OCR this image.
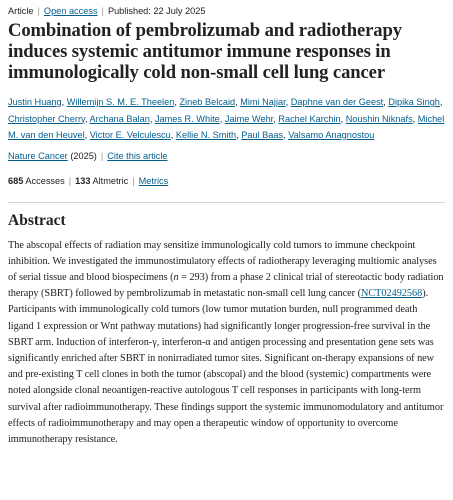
Article | Open access | Published: 22 July 2025
Combination of pembrolizumab and radiotherapy induces systemic antitumor immune responses in immunologically cold non-small cell lung cancer
Justin Huang, Willemijn S. M. E. Theelen, Zineb Belcaid, Mimi Najjar, Daphne van der Geest, Dipika Singh, Christopher Cherry, Archana Balan, James R. White, Jaime Wehr, Rachel Karchin, Noushin Niknafs, Michel M. van den Heuvel, Victor E. Velculescu, Kellie N. Smith, Paul Baas, Valsamo Anagnostou
Nature Cancer (2025) | Cite this article
685 Accesses | 133 Altmetric | Metrics
Abstract

The abscopal effects of radiation may sensitize immunologically cold tumors to immune checkpoint inhibition. We investigated the immunostimulatory effects of radiotherapy leveraging multiomic analyses of serial tissue and blood biospecimens (n = 293) from a phase 2 clinical trial of stereotactic body radiation therapy (SBRT) followed by pembrolizumab in metastatic non-small cell lung cancer (NCT02492568). Participants with immunologically cold tumors (low tumor mutation burden, null programmed death ligand 1 expression or Wnt pathway mutations) had significantly longer progression-free survival in the SBRT arm. Induction of interferon-γ, interferon-α and antigen processing and presentation gene sets was significantly enriched after SBRT in nonirradiated tumor sites. Significant on-therapy expansions of new and pre-existing T cell clones in both the tumor (abscopal) and the blood (systemic) compartments were noted alongside clonal neoantigen-reactive autologous T cell responses in participants with long-term survival after radioimmunotherapy. These findings support the systemic immunomodulatory and antitumor effects of radioimmunotherapy and may open a therapeutic window of opportunity to overcome immunotherapy resistance.
